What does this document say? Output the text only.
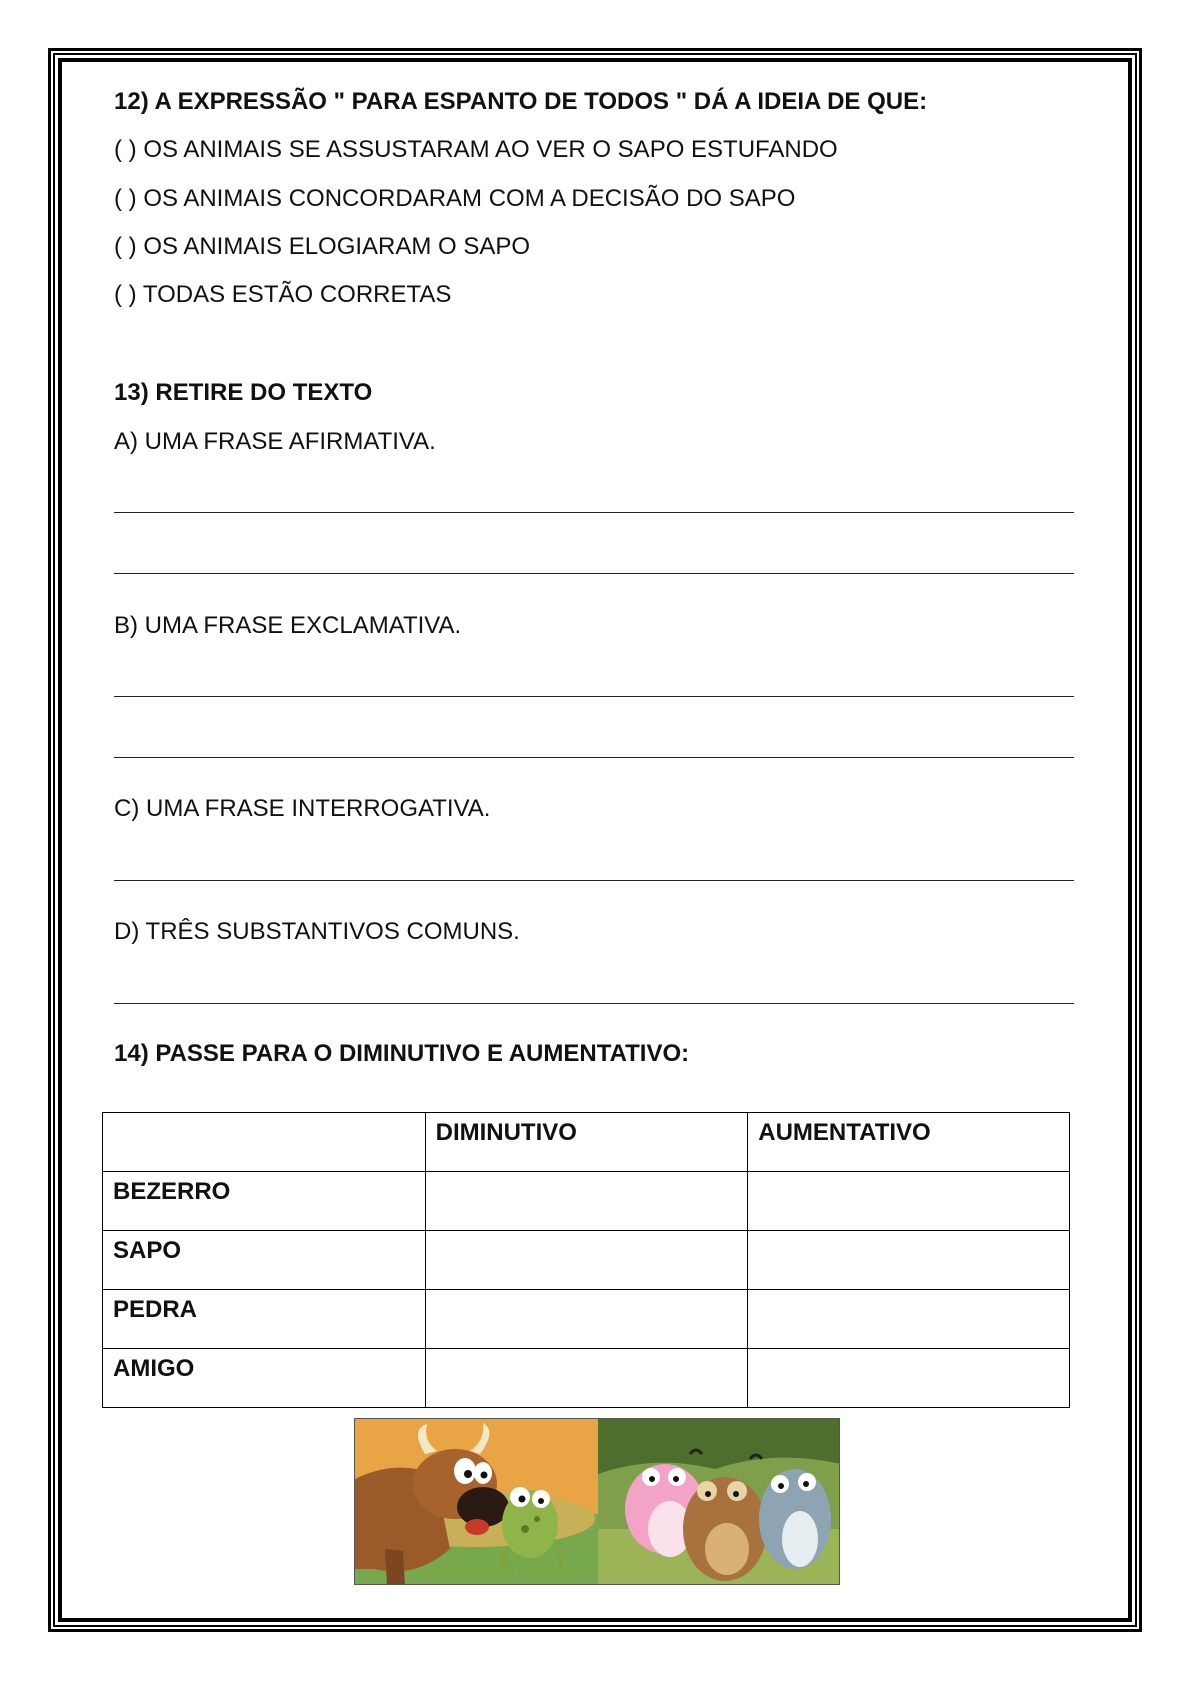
12) A EXPRESSÃO " PARA ESPANTO DE TODOS " DÁ A IDEIA DE QUE:
( ) OS ANIMAIS SE ASSUSTARAM AO VER O SAPO ESTUFANDO
( ) OS ANIMAIS CONCORDARAM COM A DECISÃO DO SAPO
( ) OS ANIMAIS ELOGIARAM O SAPO
( ) TODAS ESTÃO CORRETAS
13) RETIRE DO TEXTO
A) UMA FRASE AFIRMATIVA.
B) UMA FRASE EXCLAMATIVA.
C) UMA FRASE INTERROGATIVA.
D) TRÊS SUBSTANTIVOS COMUNS.
14) PASSE PARA O DIMINUTIVO E AUMENTATIVO:
	DIMINUTIVO	AUMENTATIVO
BEZERRO		
SAPO		
PEDRA		
AMIGO		
